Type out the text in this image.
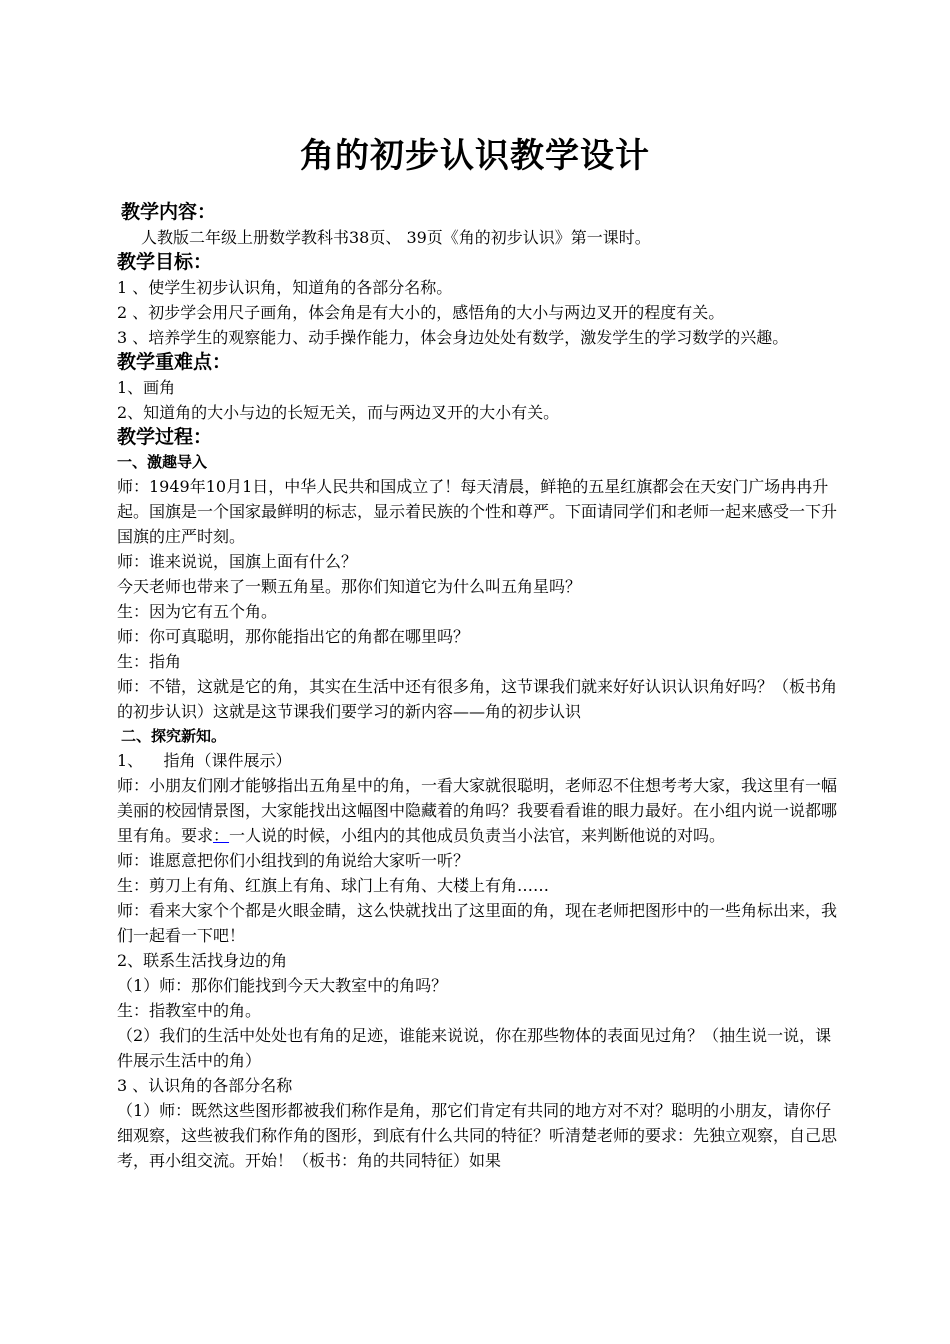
角的初步认识教学设计

教学内容：

人教版二年级上册数学教科书38页、 39页《角的初步认识》第一课时。

教学目标：

1 、使学生初步认识角，知道角的各部分名称。

2 、初步学会用尺子画角，体会角是有大小的，感悟角的大小与两边叉开的程度有关。

3 、培养学生的观察能力、动手操作能力，体会身边处处有数学，激发学生的学习数学的兴趣。

教学重难点：

1、画角

2、知道角的大小与边的长短无关，而与两边叉开的大小有关。

教学过程：

一、激趣导入

师：1949年10月1日，中华人民共和国成立了！每天清晨，鲜艳的五星红旗都会在天安门广场冉冉升起。国旗是一个国家最鲜明的标志，显示着民族的个性和尊严。下面请同学们和老师一起来感受一下升国旗的庄严时刻。

师：谁来说说，国旗上面有什么？

今天老师也带来了一颗五角星。那你们知道它为什么叫五角星吗？

生：因为它有五个角。

师：你可真聪明，那你能指出它的角都在哪里吗？

生：指角

师：不错，这就是它的角，其实在生活中还有很多角，这节课我们就来好好认识认识角好吗？（板书角的初步认识）这就是这节课我们要学习的新内容——角的初步认识

二、探究新知。

1、    指角（课件展示）

师：小朋友们刚才能够指出五角星中的角，一看大家就很聪明，老师忍不住想考考大家，我这里有一幅美丽的校园情景图，大家能找出这幅图中隐藏着的角吗？我要看看谁的眼力最好。在小组内说一说都哪里有角。要求：一人说的时候，小组内的其他成员负责当小法官，来判断他说的对吗。

师：谁愿意把你们小组找到的角说给大家听一听？

生：剪刀上有角、红旗上有角、球门上有角、大楼上有角……

师：看来大家个个都是火眼金睛，这么快就找出了这里面的角，现在老师把图形中的一些角标出来，我们一起看一下吧！

2、联系生活找身边的角

（1）师：那你们能找到今天大教室中的角吗？

生：指教室中的角。

（2）我们的生活中处处也有角的足迹，谁能来说说，你在那些物体的表面见过角？（抽生说一说，课件展示生活中的角）

3 、认识角的各部分名称

（1）师：既然这些图形都被我们称作是角，那它们肯定有共同的地方对不对？聪明的小朋友，请你仔细观察，这些被我们称作角的图形，到底有什么共同的特征？听清楚老师的要求：先独立观察，自己思考，再小组交流。开始！（板书：角的共同特征）如果
